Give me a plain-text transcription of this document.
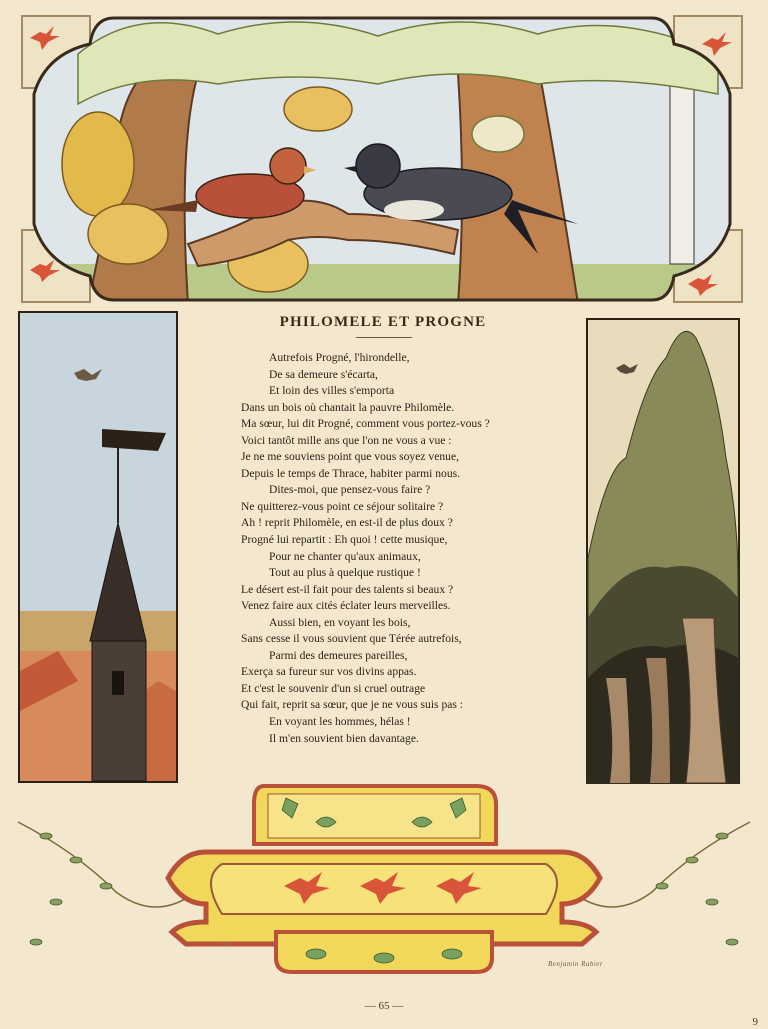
PHILOMELE ET PROGNE
Autrefois Progné, l'hirondelle,
De sa demeure s'écarta,
Et loin des villes s'emporta
Dans un bois où chantait la pauvre Philomèle.
Ma sœur, lui dit Progné, comment vous portez-vous ?
Voici tantôt mille ans que l'on ne vous a vue :
Je ne me souviens point que vous soyez venue,
Depuis le temps de Thrace, habiter parmi nous.
Dites-moi, que pensez-vous faire ?
Ne quitterez-vous point ce séjour solitaire ?
Ah ! reprit Philomèle, en est-il de plus doux ?
Progné lui repartit : Eh quoi ! cette musique,
Pour ne chanter qu'aux animaux,
Tout au plus à quelque rustique !
Le désert est-il fait pour des talents si beaux ?
Venez faire aux cités éclater leurs merveilles.
Aussi bien, en voyant les bois,
Sans cesse il vous souvient que Térée autrefois,
Parmi des demeures pareilles,
Exerça sa fureur sur vos divins appas.
Et c'est le souvenir d'un si cruel outrage
Qui fait, reprit sa sœur, que je ne vous suis pas :
En voyant les hommes, hélas !
Il m'en souvient bien davantage.
Lith.
Benjamin Rabier
— 65 —
9
